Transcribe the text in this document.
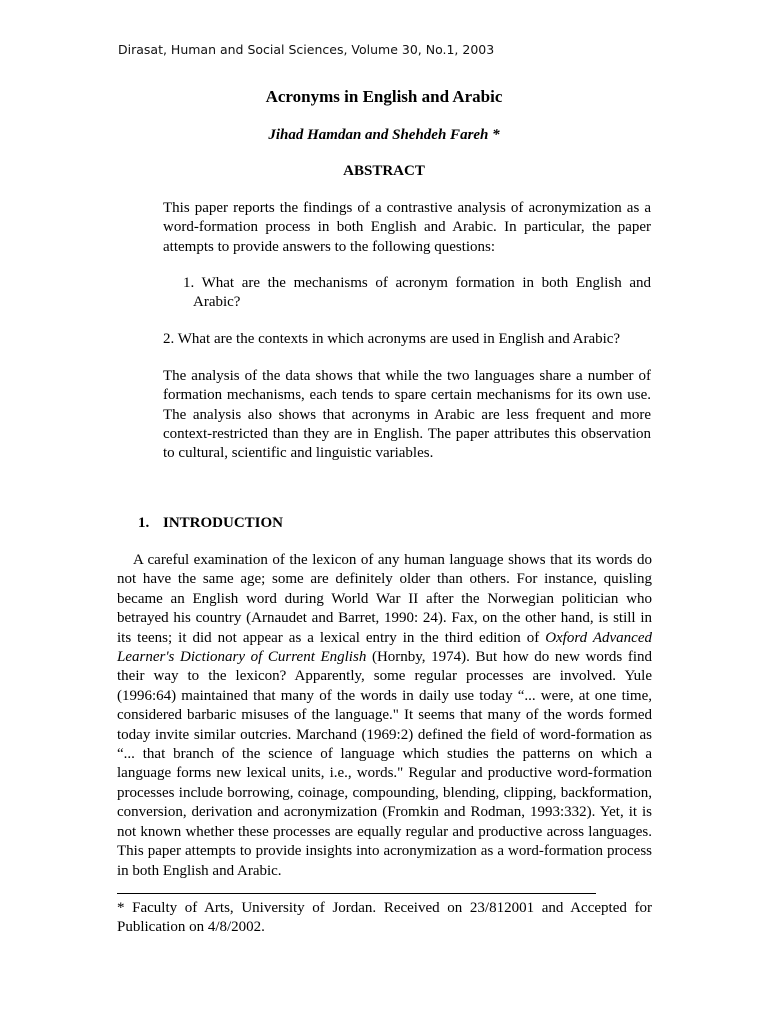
Dirasat, Human and Social Sciences, Volume 30, No.1, 2003
Acronyms in English and Arabic
Jihad Hamdan and Shehdeh Fareh *
ABSTRACT

This paper reports the findings of a contrastive analysis of acronymization as a word-formation process in both English and Arabic. In particular, the paper attempts to provide answers to the following questions:

1. What are the mechanisms of acronym formation in both English and Arabic?

2. What are the contexts in which acronyms are used in English and Arabic?

The analysis of the data shows that while the two languages share a number of formation mechanisms, each tends to spare certain mechanisms for its own use. The analysis also shows that acronyms in Arabic are less frequent and more context-restricted than they are in English. The paper attributes this observation to cultural, scientific and linguistic variables.

1. INTRODUCTION

A careful examination of the lexicon of any human language shows that its words do not have the same age; some are definitely older than others. For instance, quisling became an English word during World War II after the Norwegian politician who betrayed his country (Arnaudet and Barret, 1990: 24). Fax, on the other hand, is still in its teens; it did not appear as a lexical entry in the third edition of Oxford Advanced Learner's Dictionary of Current English (Hornby, 1974). But how do new words find their way to the lexicon? Apparently, some regular processes are involved. Yule (1996:64) maintained that many of the words in daily use today “... were, at one time, considered barbaric misuses of the language." It seems that many of the words formed today invite similar outcries. Marchand (1969:2) defined the field of word-formation as “... that branch of the science of language which studies the patterns on which a language forms new lexical units, i.e., words." Regular and productive word-formation processes include borrowing, coinage, compounding, blending, clipping, backformation, conversion, derivation and acronymization (Fromkin and Rodman, 1993:332). Yet, it is not known whether these processes are equally regular and productive across languages. This paper attempts to provide insights into acronymization as a word-formation process in both English and Arabic.

* Faculty of Arts, University of Jordan. Received on 23/812001 and Accepted for Publication on 4/8/2002.
